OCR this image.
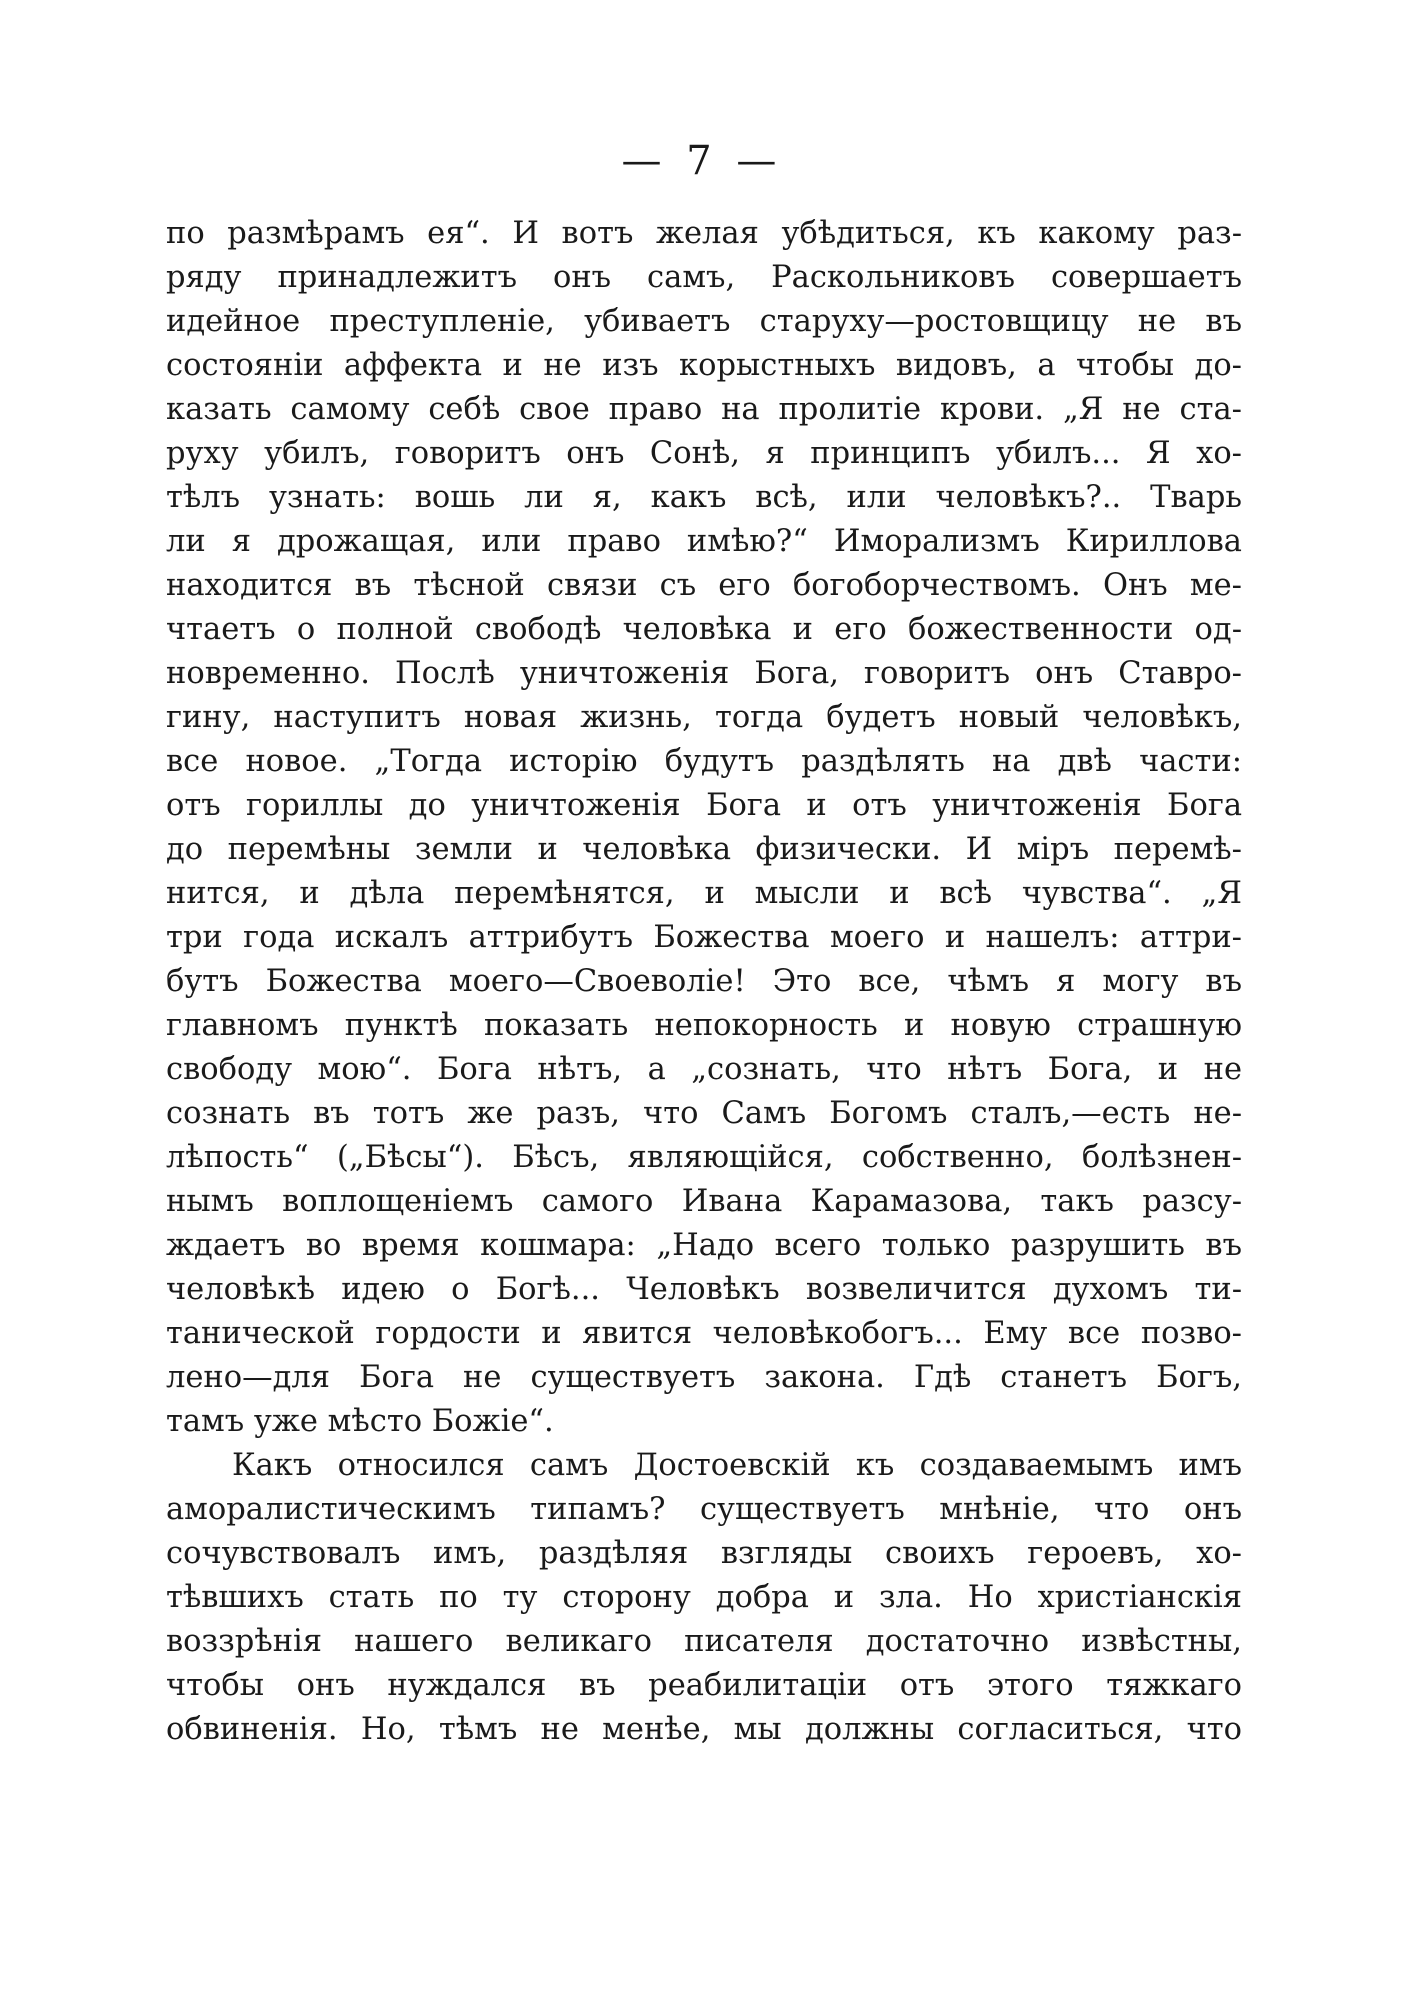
— 7 —
по размѣрамъ ея“. И вотъ желая убѣдиться, къ какому раз-
ряду принадлежитъ онъ самъ, Раскольниковъ совершаетъ
идейное преступленіе, убиваетъ старуху—ростовщицу не въ
состояніи аффекта и не изъ корыстныхъ видовъ, а чтобы до-
казать самому себѣ свое право на пролитіе крови. „Я не ста-
руху убилъ, говоритъ онъ Сонѣ, я принципъ убилъ... Я хо-
тѣлъ узнать: вошь ли я, какъ всѣ, или человѣкъ?.. Тварь
ли я дрожащая, или право имѣю?“ Иморализмъ Кириллова
находится въ тѣсной связи съ его богоборчествомъ. Онъ ме-
чтаетъ о полной свободѣ человѣка и его божественности од-
новременно. Послѣ уничтоженія Бога, говоритъ онъ Ставро-
гину, наступитъ новая жизнь, тогда будетъ новый человѣкъ,
все новое. „Тогда исторію будутъ раздѣлять на двѣ части:
отъ гориллы до уничтоженія Бога и отъ уничтоженія Бога
до перемѣны земли и человѣка физически. И міръ перемѣ-
нится, и дѣла перемѣнятся, и мысли и всѣ чувства“. „Я
три года искалъ аттрибутъ Божества моего и нашелъ: аттри-
бутъ Божества моего—Своеволіе! Это все, чѣмъ я могу въ
главномъ пунктѣ показать непокорность и новую страшную
свободу мою“. Бога нѣтъ, а „сознать, что нѣтъ Бога, и не
сознать въ тотъ же разъ, что Самъ Богомъ сталъ,—есть не-
лѣпость“ („Бѣсы“). Бѣсъ, являющійся, собственно, болѣзнен-
нымъ воплощеніемъ самого Ивана Карамазова, такъ разсу-
ждаетъ во время кошмара: „Надо всего только разрушить въ
человѣкѣ идею о Богѣ... Человѣкъ возвеличится духомъ ти-
танической гордости и явится человѣкобогъ... Ему все позво-
лено—для Бога не существуетъ закона. Гдѣ станетъ Богъ,
тамъ уже мѣсто Божіе“.
Какъ относился самъ Достоевскій къ создаваемымъ имъ
аморалистическимъ типамъ? существуетъ мнѣніе, что онъ
сочувствовалъ имъ, раздѣляя взгляды своихъ героевъ, хо-
тѣвшихъ стать по ту сторону добра и зла. Но христіанскія
воззрѣнія нашего великаго писателя достаточно извѣстны,
чтобы онъ нуждался въ реабилитаціи отъ этого тяжкаго
обвиненія. Но, тѣмъ не менѣе, мы должны согласиться, что
